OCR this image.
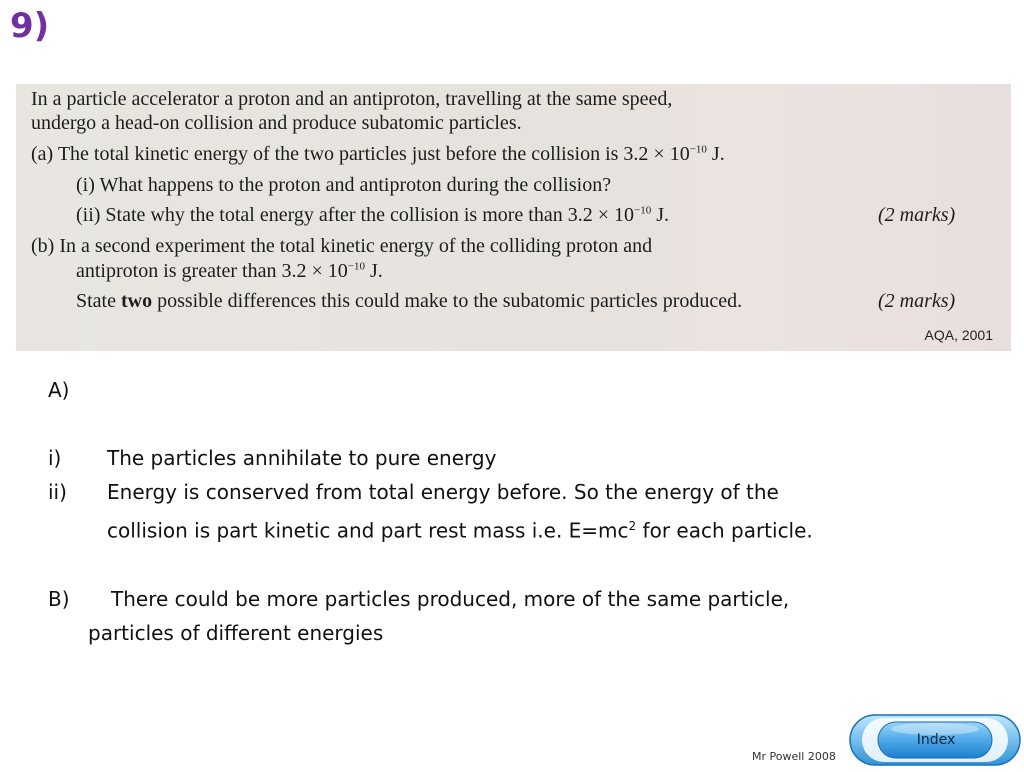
9)
In a particle accelerator a proton and an antiproton, travelling at the same speed,
undergo a head-on collision and produce subatomic particles.
(a) The total kinetic energy of the two particles just before the collision is $3.2 \times 10^{-10}$ J.
(i) What happens to the proton and antiproton during the collision?
(ii) State why the total energy after the collision is more than $3.2 \times 10^{-10}$ J.
(b) In a second experiment the total kinetic energy of the colliding proton and
antiproton is greater than $3.2 \times 10^{-10}$ J.
State two possible differences this could make to the subatomic particles produced.
(2 marks)
(2 marks)
AQA, 2001
A)
i) The particles annihilate to pure energy
ii) Energy is conserved from total energy before. So the energy of the
collision is part kinetic and part rest mass i.e. $E=mc^2$ for each particle.
B) There could be more particles produced, more of the same particle,
particles of different energies
Mr Powell 2008
Index
